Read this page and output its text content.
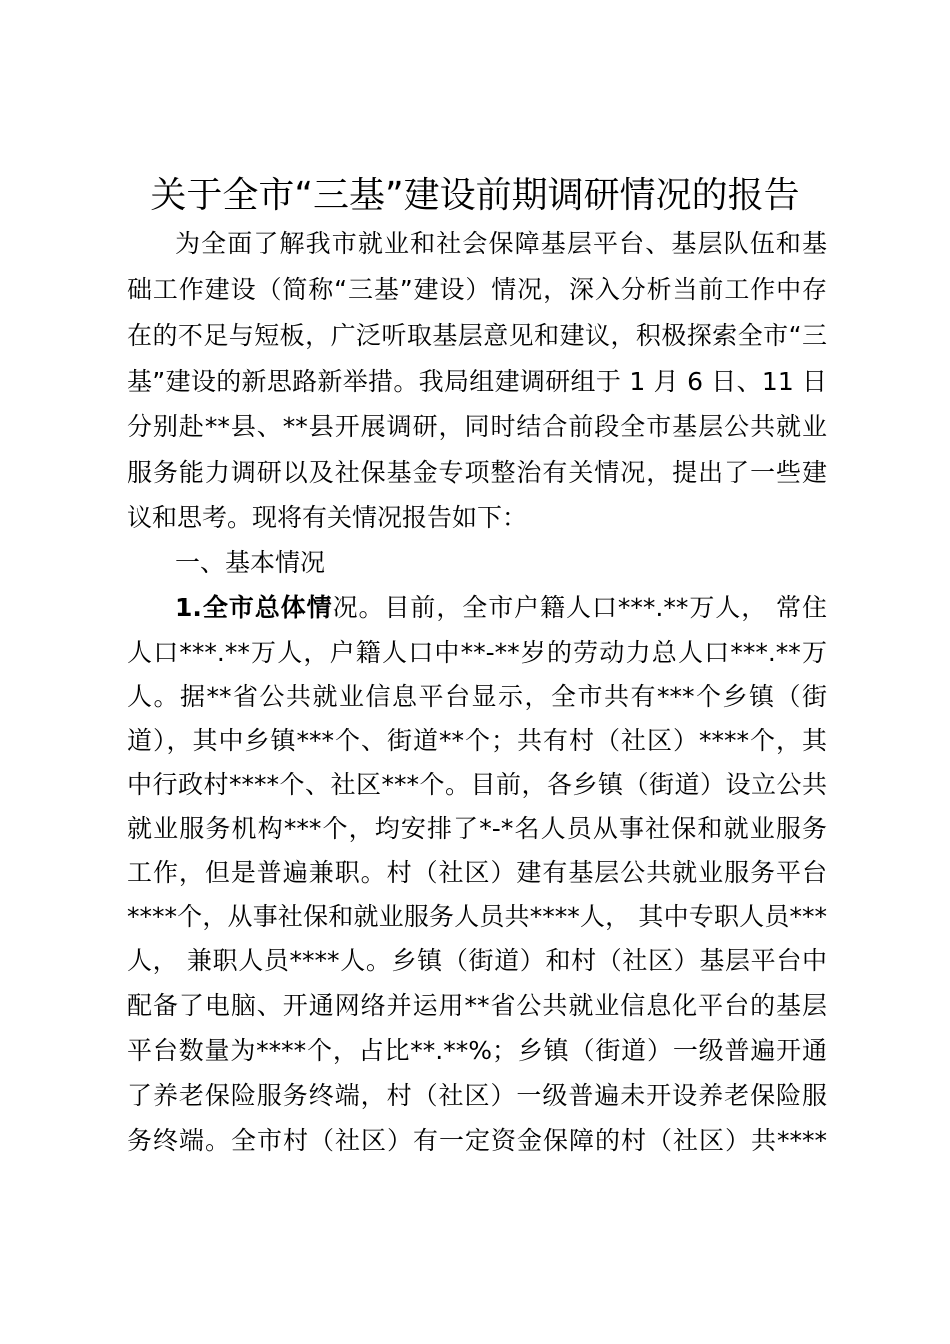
关于全市“三基”建设前期调研情况的报告
为全面了解我市就业和社会保障基层平台、基层队伍和基
础工作建设（简称“三基”建设）情况，深入分析当前工作中存
在的不足与短板，广泛听取基层意见和建议，积极探索全市“三
基”建设的新思路新举措。我局组建调研组于 1 月 6 日、11 日
分别赴**县、**县开展调研，同时结合前段全市基层公共就业
服务能力调研以及社保基金专项整治有关情况，提出了一些建
议和思考。现将有关情况报告如下：
一、基本情况
1.全市总体情况。目前，全市户籍人口***.**万人， 常住
人口***.**万人，户籍人口中**-**岁的劳动力总人口***.**万
人。据**省公共就业信息平台显示，全市共有***个乡镇（街
道），其中乡镇***个、街道**个；共有村（社区）****个，其
中行政村****个、社区***个。目前，各乡镇（街道）设立公共
就业服务机构***个，均安排了*-*名人员从事社保和就业服务
工作，但是普遍兼职。村（社区）建有基层公共就业服务平台
****个，从事社保和就业服务人员共****人， 其中专职人员***
人， 兼职人员****人。乡镇（街道）和村（社区）基层平台中
配备了电脑、开通网络并运用**省公共就业信息化平台的基层
平台数量为****个，占比**.**%；乡镇（街道）一级普遍开通
了养老保险服务终端，村（社区）一级普遍未开设养老保险服
务终端。全市村（社区）有一定资金保障的村（社区）共****
